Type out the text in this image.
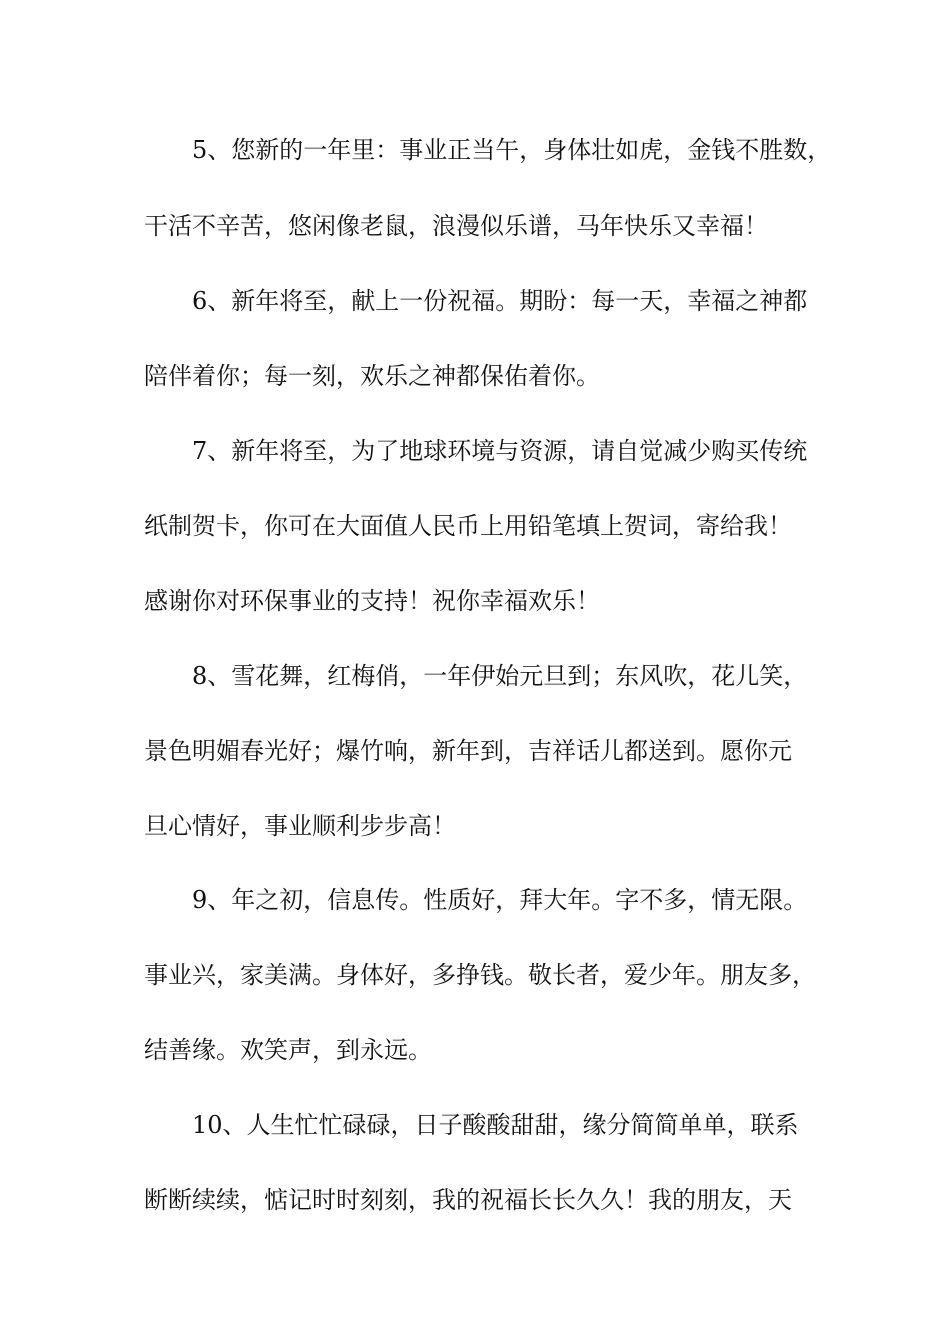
　　5、您新的一年里：事业正当午，身体壮如虎，金钱不胜数，
干活不辛苦，悠闲像老鼠，浪漫似乐谱，马年快乐又幸福！
　　6、新年将至，献上一份祝福。期盼：每一天，幸福之神都
陪伴着你；每一刻，欢乐之神都保佑着你。
　　7、新年将至，为了地球环境与资源，请自觉减少购买传统
纸制贺卡，你可在大面值人民币上用铅笔填上贺词，寄给我！
感谢你对环保事业的支持！祝你幸福欢乐！
　　8、雪花舞，红梅俏，一年伊始元旦到；东风吹，花儿笑，
景色明媚春光好；爆竹响，新年到，吉祥话儿都送到。愿你元
旦心情好，事业顺利步步高！
　　9、年之初，信息传。性质好，拜大年。字不多，情无限。
事业兴，家美满。身体好，多挣钱。敬长者，爱少年。朋友多，
结善缘。欢笑声，到永远。
　　10、人生忙忙碌碌，日子酸酸甜甜，缘分简简单单，联系
断断续续，惦记时时刻刻，我的祝福长长久久！我的朋友，天
